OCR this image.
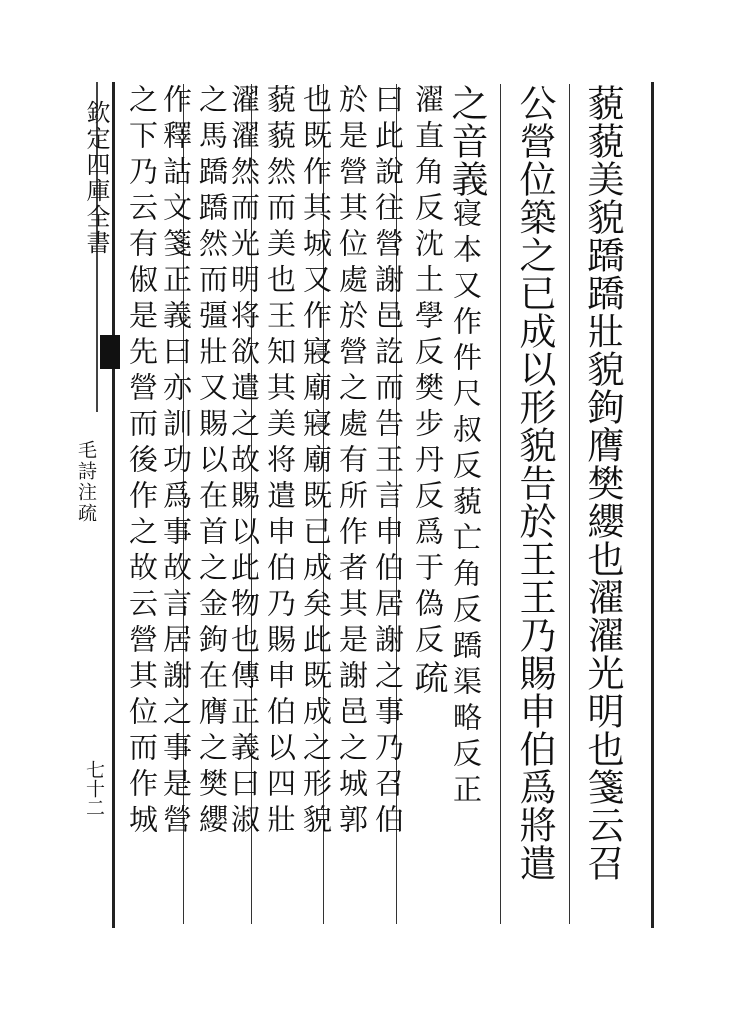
欽定四庫全書
毛詩注疏
七十二	藐藐美貌蹻蹻壯貌鉤膺樊纓也濯濯光明也箋云召
公營位築之已成以形貌告於王王乃賜申伯爲將遣
之音義寝本又作件尺叔反藐亡角反蹻渠略反正
濯直角反沈土學反樊步丹反爲于偽反疏
曰此說往營謝邑訖而告王言申伯居謝之事乃召伯
於是營其位處於營之處有所作者其是謝邑之城郭
也既作其城又作寢廟寢廟既已成矣此既成之形貌
藐藐然而美也王知其美将遣申伯乃賜申伯以四壯
濯濯然而光明将欲遣之故賜以此物也傳正義曰淑
之馬蹻蹻然而彊壯又賜以在首之金鉤在膺之樊纓
作釋詁文箋正義曰亦訓功爲事故言居謝之事是營
之下乃云有俶是先營而後作之故云營其位而作城
